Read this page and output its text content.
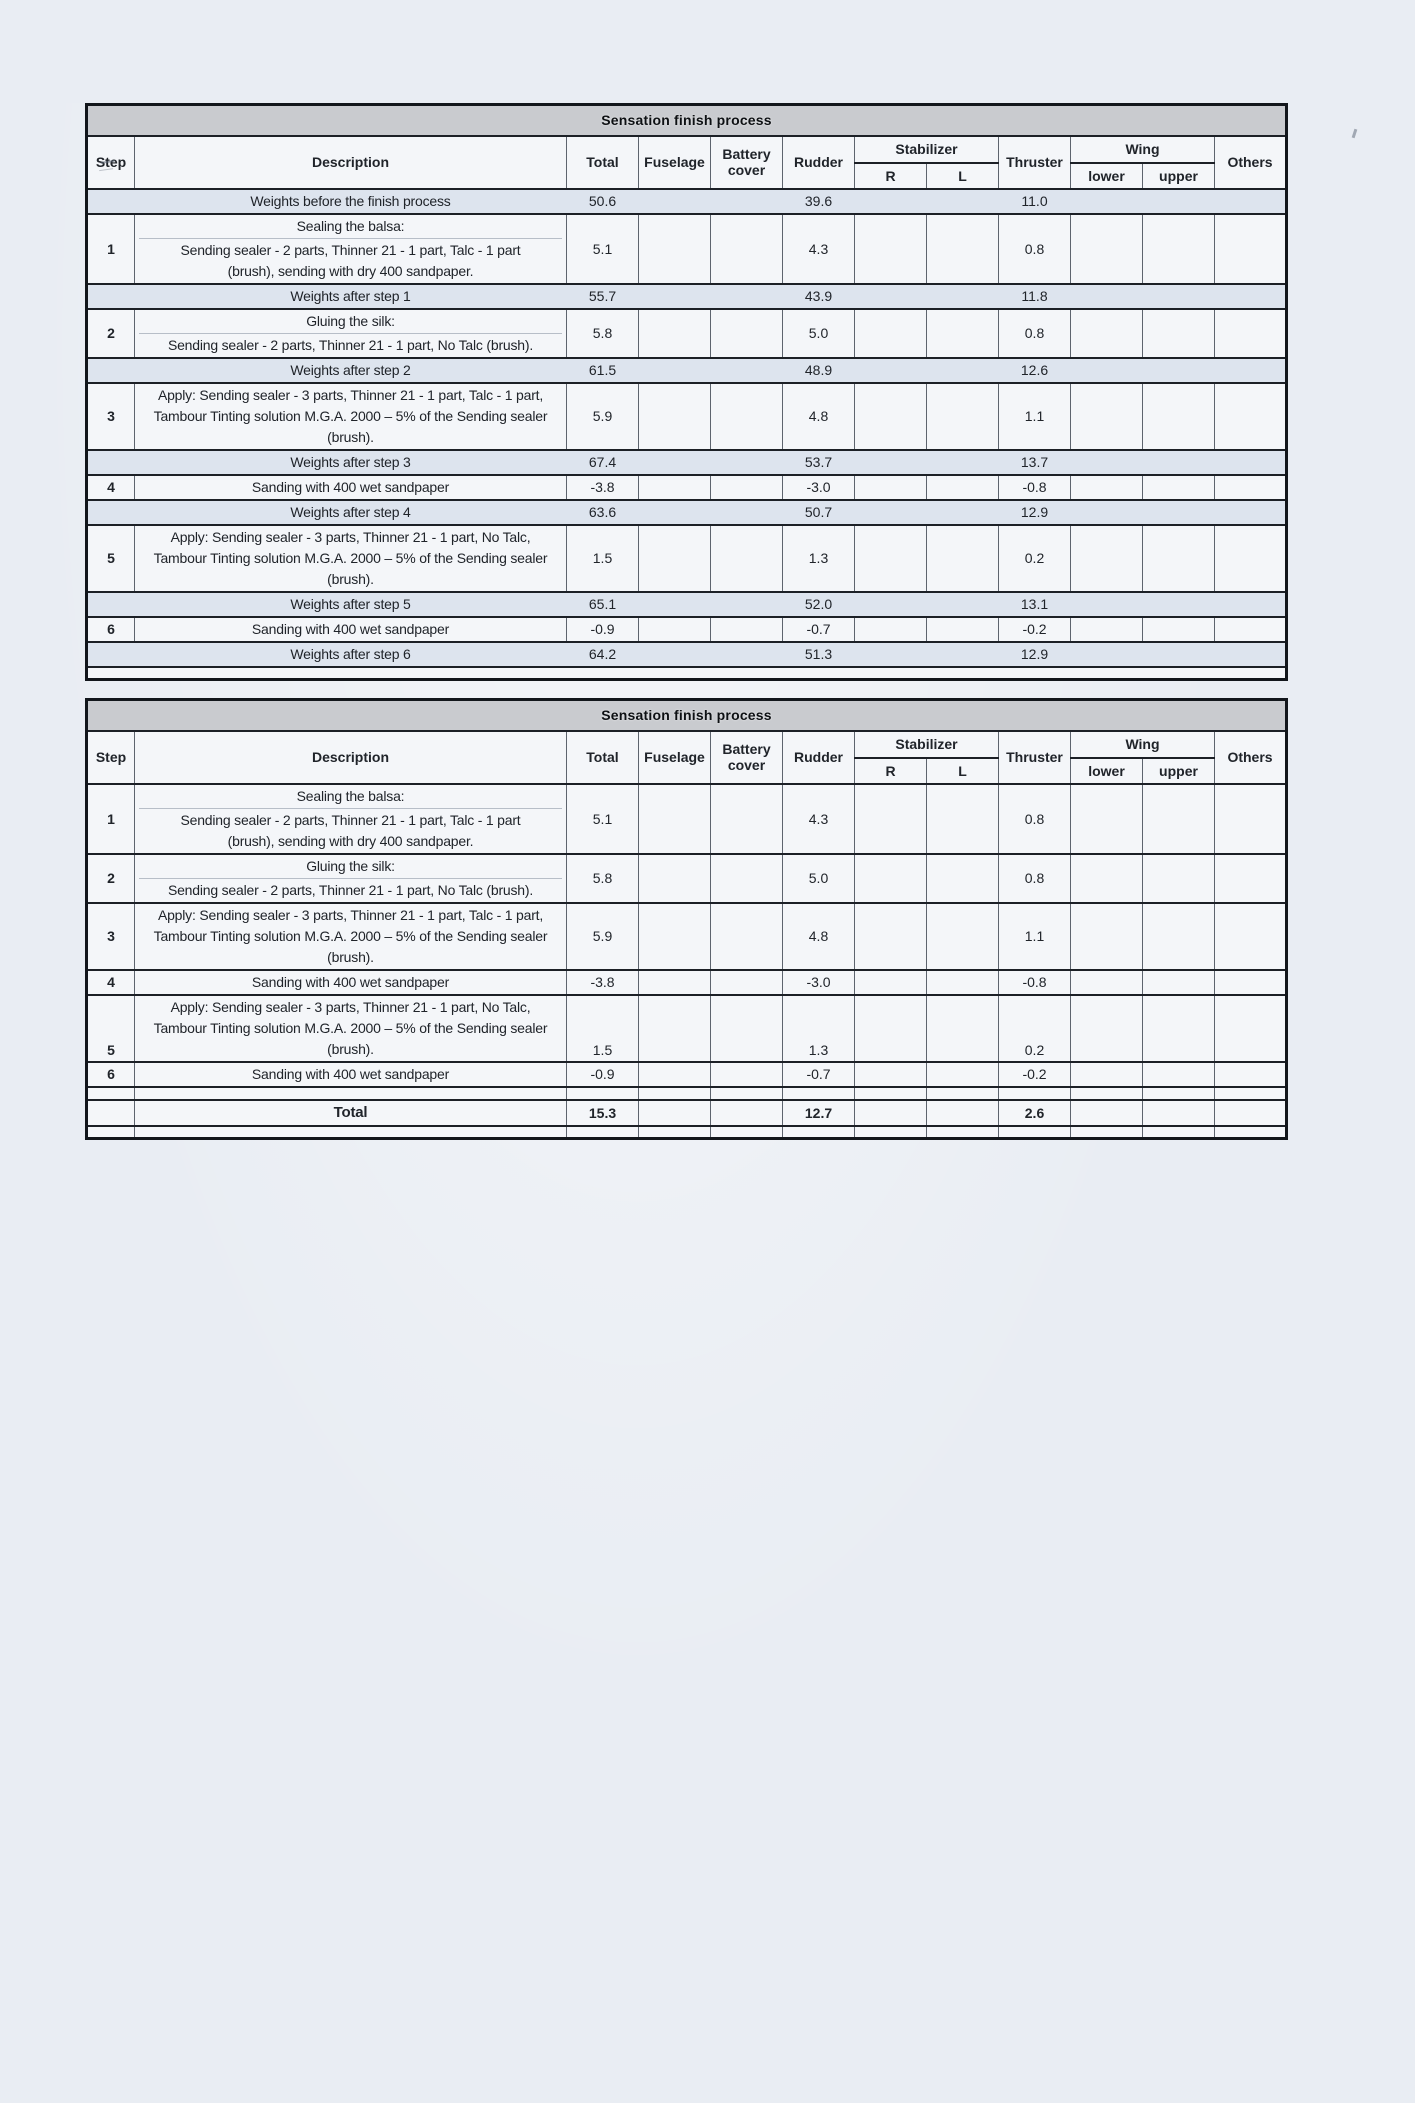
Sensation finish process											
Step	Description	Total	Fuselage	Battery
cover	Rudder	Stabilizer		Thruster	Wing		Others
						R	L		lower	upper	
	Weights before the finish process	50.6			39.6			11.0			
1	Sealing the balsa:
Sending sealer - 2 parts, Thinner 21 - 1 part, Talc - 1 part
(brush), sending with dry 400 sandpaper.	5.1			4.3			0.8			
	Weights after step 1	55.7			43.9			11.8			
2	Gluing the silk:
Sending sealer - 2 parts, Thinner 21 - 1 part, No Talc (brush).	5.8			5.0			0.8			
	Weights after step 2	61.5			48.9			12.6			
3	Apply: Sending sealer - 3 parts, Thinner 21 - 1 part, Talc - 1 part,
Tambour Tinting solution M.G.A. 2000 – 5% of the Sending sealer
(brush).	5.9			4.8			1.1			
	Weights after step 3	67.4			53.7			13.7			
4	Sanding with 400 wet sandpaper	-3.8			-3.0			-0.8			
	Weights after step 4	63.6			50.7			12.9			
5	Apply: Sending sealer - 3 parts, Thinner 21 - 1 part, No Talc,
Tambour Tinting solution M.G.A. 2000 – 5% of the Sending sealer
(brush).	1.5			1.3			0.2			
	Weights after step 5	65.1			52.0			13.1			
6	Sanding with 400 wet sandpaper	-0.9			-0.7			-0.2			
	Weights after step 6	64.2			51.3			12.9			

Sensation finish process											
Step	Description	Total	Fuselage	Battery
cover	Rudder	Stabilizer		Thruster	Wing		Others
						R	L		lower	upper	
1	Sealing the balsa:
Sending sealer - 2 parts, Thinner 21 - 1 part, Talc - 1 part
(brush), sending with dry 400 sandpaper.	5.1			4.3			0.8			
2	Gluing the silk:
Sending sealer - 2 parts, Thinner 21 - 1 part, No Talc (brush).	5.8			5.0			0.8			
3	Apply: Sending sealer - 3 parts, Thinner 21 - 1 part, Talc - 1 part,
Tambour Tinting solution M.G.A. 2000 – 5% of the Sending sealer
(brush).	5.9			4.8			1.1			
4	Sanding with 400 wet sandpaper	-3.8			-3.0			-0.8			
5	Apply: Sending sealer - 3 parts, Thinner 21 - 1 part, No Talc,
Tambour Tinting solution M.G.A. 2000 – 5% of the Sending sealer
(brush).	1.5			1.3			0.2			
6	Sanding with 400 wet sandpaper	-0.9			-0.7			-0.2			

	Total	15.3			12.7			2.6			
